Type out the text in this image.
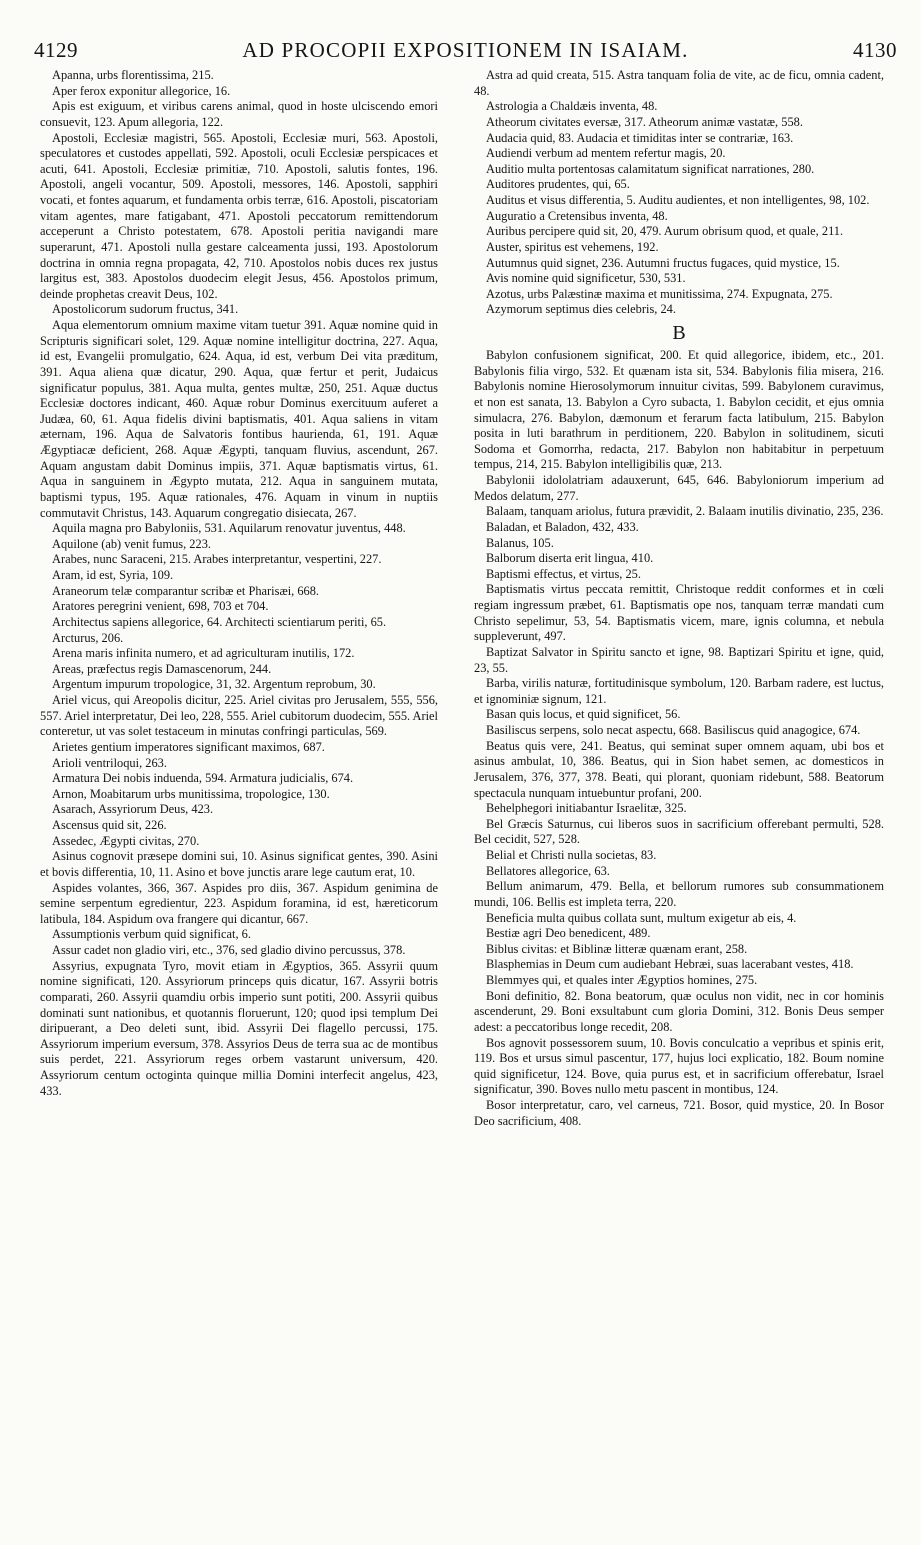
4129	AD PROCOPII EXPOSITIONEM IN ISAIAM.	4130

Apanna, urbs florentissima, 215.

Aper ferox exponitur allegorice, 16.

Apis est exiguum, et viribus carens animal, quod in hoste ulciscendo emori consuevit, 123. Apum allegoria, 122.

Apostoli, Ecclesiæ magistri, 565. Apostoli, Ecclesiæ muri, 563. Apostoli, speculatores et custodes appellati, 592. Apostoli, oculi Ecclesiæ perspicaces et acuti, 641. Apostoli, Ecclesiæ primitiæ, 710. Apostoli, salutis fontes, 196. Apostoli, angeli vocantur, 509. Apostoli, messores, 146. Apostoli, sapphiri vocati, et fontes aquarum, et fundamenta orbis terræ, 616. Apostoli, piscatoriam vitam agentes, mare fatigabant, 471. Apostoli peccatorum remittendorum acceperunt a Christo potestatem, 678. Apostoli peritia navigandi mare superarunt, 471. Apostoli nulla gestare calceamenta jussi, 193. Apostolorum doctrina in omnia regna propagata, 42, 710. Apostolos nobis duces rex justus largitus est, 383. Apostolos duodecim elegit Jesus, 456. Apostolos primum, deinde prophetas creavit Deus, 102.

Apostolicorum sudorum fructus, 341.

Aqua elementorum omnium maxime vitam tuetur 391. Aquæ nomine quid in Scripturis significari solet, 129. Aquæ nomine intelligitur doctrina, 227. Aqua, id est, Evangelii promulgatio, 624. Aqua, id est, verbum Dei vita præditum, 391. Aqua aliena quæ dicatur, 290. Aqua, quæ fertur et perit, Judaicus significatur populus, 381. Aqua multa, gentes multæ, 250, 251. Aquæ ductus Ecclesiæ doctores indicant, 460. Aquæ robur Dominus exercituum auferet a Judæa, 60, 61. Aqua fidelis divini baptismatis, 401. Aqua saliens in vitam æternam, 196. Aqua de Salvatoris fontibus haurienda, 61, 191. Aquæ Ægyptiacæ deficient, 268. Aquæ Ægypti, tanquam fluvius, ascendunt, 267. Aquam angustam dabit Dominus impiis, 371. Aquæ baptismatis virtus, 61. Aqua in sanguinem in Ægypto mutata, 212. Aqua in sanguinem mutata, baptismi typus, 195. Aquæ rationales, 476. Aquam in vinum in nuptiis commutavit Christus, 143. Aquarum congregatio disiecata, 267.

Aquila magna pro Babyloniis, 531. Aquilarum renovatur juventus, 448.

Aquilone (ab) venit fumus, 223.

Arabes, nunc Saraceni, 215. Arabes interpretantur, vespertini, 227.

Aram, id est, Syria, 109.

Araneorum telæ comparantur scribæ et Pharisæi, 668.

Aratores peregrini venient, 698, 703 et 704.

Architectus sapiens allegorice, 64. Architecti scientiarum periti, 65.

Arcturus, 206.

Arena maris infinita numero, et ad agriculturam inutilis, 172.

Areas, præfectus regis Damascenorum, 244.

Argentum impurum tropologice, 31, 32. Argentum reprobum, 30.

Ariel vicus, qui Areopolis dicitur, 225. Ariel civitas pro Jerusalem, 555, 556, 557. Ariel interpretatur, Dei leo, 228, 555. Ariel cubitorum duodecim, 555. Ariel conteretur, ut vas solet testaceum in minutas confringi particulas, 569.

Arietes gentium imperatores significant maximos, 687.

Arioli ventriloqui, 263.

Armatura Dei nobis induenda, 594. Armatura judicialis, 674.

Arnon, Moabitarum urbs munitissima, tropologice, 130.

Asarach, Assyriorum Deus, 423.

Ascensus quid sit, 226.

Assedec, Ægypti civitas, 270.

Asinus cognovit præsepe domini sui, 10. Asinus significat gentes, 390. Asini et bovis differentia, 10, 11. Asino et bove junctis arare lege cautum erat, 10.

Aspides volantes, 366, 367. Aspides pro diis, 367. Aspidum genimina de semine serpentum egredientur, 223. Aspidum foramina, id est, hæreticorum latibula, 184. Aspidum ova frangere qui dicantur, 667.

Assumptionis verbum quid significat, 6.

Assur cadet non gladio viri, etc., 376, sed gladio divino percussus, 378.

Assyrius, expugnata Tyro, movit etiam in Ægyptios, 365. Assyrii quum nomine significati, 120. Assyriorum princeps quis dicatur, 167. Assyrii botris comparati, 260. Assyrii quamdiu orbis imperio sunt potiti, 200. Assyrii quibus dominati sunt nationibus, et quotannis floruerunt, 120; quod ipsi templum Dei diripuerant, a Deo deleti sunt, ibid. Assyrii Dei flagello percussi, 175. Assyriorum imperium eversum, 378. Assyrios Deus de terra sua ac de montibus suis perdet, 221. Assyriorum reges orbem vastarunt universum, 420. Assyriorum centum octoginta quinque millia Domini interfecit angelus, 423, 433.

Astra ad quid creata, 515. Astra tanquam folia de vite, ac de ficu, omnia cadent, 48.

Astrologia a Chaldæis inventa, 48.

Atheorum civitates eversæ, 317. Atheorum animæ vastatæ, 558.

Audacia quid, 83. Audacia et timiditas inter se contrariæ, 163.

Audiendi verbum ad mentem refertur magis, 20.

Auditio multa portentosas calamitatum significat narrationes, 280.

Auditores prudentes, qui, 65.

Auditus et visus differentia, 5. Auditu audientes, et non intelligentes, 98, 102.

Auguratio a Cretensibus inventa, 48.

Auribus percipere quid sit, 20, 479. Aurum obrisum quod, et quale, 211.

Auster, spiritus est vehemens, 192.

Autumnus quid signet, 236. Autumni fructus fugaces, quid mystice, 15.

Avis nomine quid significetur, 530, 531.

Azotus, urbs Palæstinæ maxima et munitissima, 274. Expugnata, 275.

Azymorum septimus dies celebris, 24.

B

Babylon confusionem significat, 200. Et quid allegorice, ibidem, etc., 201. Babylonis filia virgo, 532. Et quænam ista sit, 534. Babylonis filia misera, 216. Babylonis nomine Hierosolymorum innuitur civitas, 599. Babylonem curavimus, et non est sanata, 13. Babylon a Cyro subacta, 1. Babylon cecidit, et ejus omnia simulacra, 276. Babylon, dæmonum et ferarum facta latibulum, 215. Babylon posita in luti barathrum in perditionem, 220. Babylon in solitudinem, sicuti Sodoma et Gomorrha, redacta, 217. Babylon non habitabitur in perpetuum tempus, 214, 215. Babylon intelligibilis quæ, 213.

Babylonii idololatriam adauxerunt, 645, 646. Babyloniorum imperium ad Medos delatum, 277.

Balaam, tanquam ariolus, futura prævidit, 2. Balaam inutilis divinatio, 235, 236.

Baladan, et Baladon, 432, 433.

Balanus, 105.

Balborum diserta erit lingua, 410.

Baptismi effectus, et virtus, 25.

Baptismatis virtus peccata remittit, Christoque reddit conformes et in cœli regiam ingressum præbet, 61. Baptismatis ope nos, tanquam terræ mandati cum Christo sepelimur, 53, 54. Baptismatis vicem, mare, ignis columna, et nebula suppleverunt, 497.

Baptizat Salvator in Spiritu sancto et igne, 98. Baptizari Spiritu et igne, quid, 23, 55.

Barba, virilis naturæ, fortitudinisque symbolum, 120. Barbam radere, est luctus, et ignominiæ signum, 121.

Basan quis locus, et quid significet, 56.

Basiliscus serpens, solo necat aspectu, 668. Basiliscus quid anagogice, 674.

Beatus quis vere, 241. Beatus, qui seminat super omnem aquam, ubi bos et asinus ambulat, 10, 386. Beatus, qui in Sion habet semen, ac domesticos in Jerusalem, 376, 377, 378. Beati, qui plorant, quoniam ridebunt, 588. Beatorum spectacula nunquam intuebuntur profani, 200.

Behelphegori initiabantur Israelitæ, 325.

Bel Græcis Saturnus, cui liberos suos in sacrificium offerebant permulti, 528. Bel cecidit, 527, 528.

Belial et Christi nulla societas, 83.

Bellatores allegorice, 63.

Bellum animarum, 479. Bella, et bellorum rumores sub consummationem mundi, 106. Bellis est impleta terra, 220.

Beneficia multa quibus collata sunt, multum exigetur ab eis, 4.

Bestiæ agri Deo benedicent, 489.

Biblus civitas: et Biblinæ litteræ quænam erant, 258.

Blasphemias in Deum cum audiebant Hebræi, suas lacerabant vestes, 418.

Blemmyes qui, et quales inter Ægyptios homines, 275.

Boni definitio, 82. Bona beatorum, quæ oculus non vidit, nec in cor hominis ascenderunt, 29. Boni exsultabunt cum gloria Domini, 312. Bonis Deus semper adest: a peccatoribus longe recedit, 208.

Bos agnovit possessorem suum, 10. Bovis conculcatio a vepribus et spinis erit, 119. Bos et ursus simul pascentur, 177, hujus loci explicatio, 182. Boum nomine quid significetur, 124. Bove, quia purus est, et in sacrificium offerebatur, Israel significatur, 390. Boves nullo metu pascent in montibus, 124.

Bosor interpretatur, caro, vel carneus, 721. Bosor, quid mystice, 20. In Bosor Deo sacrificium, 408.
